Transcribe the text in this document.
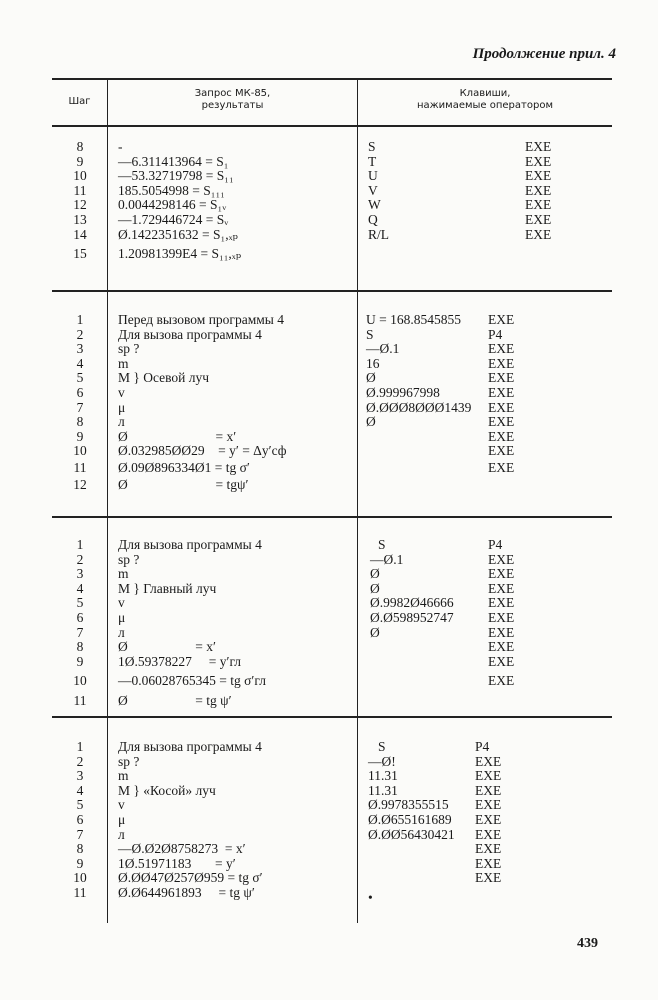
Продолжение прил. 4
Шаг
Запрос МК-85,
результаты
Клавиши,
нажимаемые оператором
8
9
10
11
12
13
14
15
-
—6.311413964 = S₁
—53.32719798 = S₁₁
185.5054998 = S₁₁₁
0.0044298146 = S₁ᵥ
—1.729446724 = Sᵥ
Ø.1422351632 = S₁,ₓₚ
1.20981399E4 = S₁₁,ₓₚ
S
T
U
V
W
Q
R/L
EXE
EXE
EXE
EXE
EXE
EXE
EXE
1
2
3
4
5
6
7
8
9
10
11
12
Перед вызовом программы 4
Для вызова программы 4
sp ?
m
M } Осевой луч
v
μ
л
Ø                          = x′
Ø.032985ØØ29    = y′ = Δy′сф
Ø.09Ø896334Ø1 = tg σ′
Ø                          = tgψ′
U = 168.8545855
S
—Ø.1
16
Ø
Ø.999967998
Ø.ØØØ8ØØØ1439
Ø
EXE
P4
EXE
EXE
EXE
EXE
EXE
EXE
EXE
EXE
EXE
1
2
3
4
5
6
7
8
9
10
11
Для вызова программы 4
sp ?
m
M } Главный луч
v
μ
л
Ø                    = x′
1Ø.59378227     = y′гл
—0.06028765345 = tg σ′гл
Ø                    = tg ψ′
S
—Ø.1
Ø
Ø
Ø.9982Ø46666
Ø.Ø598952747
Ø
P4
EXE
EXE
EXE
EXE
EXE
EXE
EXE
EXE
EXE
1
2
3
4
5
6
7
8
9
10
11
Для вызова программы 4
sp ?
m
M } «Косой» луч
v
μ
л
—Ø.Ø2Ø8758273  = x′
1Ø.51971183       = y′
Ø.ØØ47Ø257Ø959 = tg σ′
Ø.Ø644961893     = tg ψ′
S
—Ø!
11.31
11.31
Ø.9978355515
Ø.Ø655161689
Ø.ØØ56430421
•
P4
EXE
EXE
EXE
EXE
EXE
EXE
EXE
EXE
EXE
439
